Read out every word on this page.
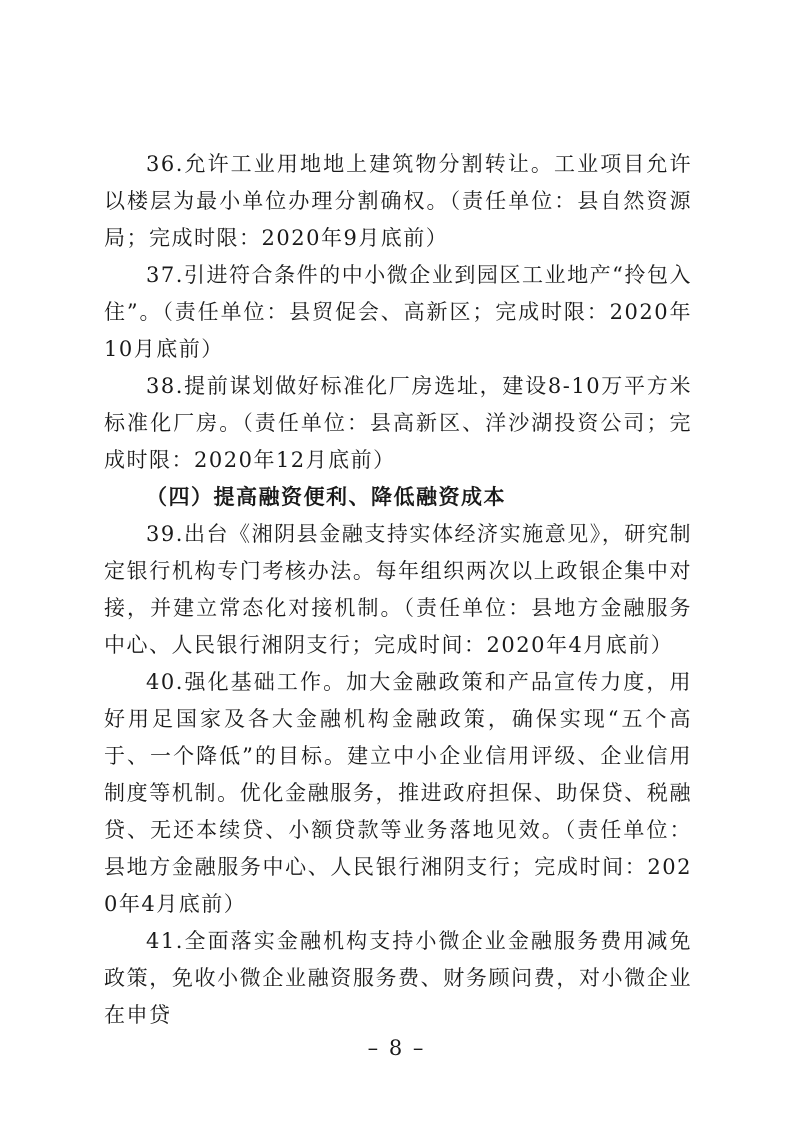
36.允许工业用地地上建筑物分割转让。工业项目允许以楼层为最小单位办理分割确权。（责任单位：县自然资源局；完成时限：2020年9月底前）

37.引进符合条件的中小微企业到园区工业地产“拎包入住”。（责任单位：县贸促会、高新区；完成时限：2020年10月底前）

38.提前谋划做好标准化厂房选址，建设8-10万平方米标准化厂房。（责任单位：县高新区、洋沙湖投资公司；完成时限：2020年12月底前）

（四）提高融资便利、降低融资成本

39.出台《湘阴县金融支持实体经济实施意见》，研究制定银行机构专门考核办法。每年组织两次以上政银企集中对接，并建立常态化对接机制。（责任单位：县地方金融服务中心、人民银行湘阴支行；完成时间：2020年4月底前）

40.强化基础工作。加大金融政策和产品宣传力度，用好用足国家及各大金融机构金融政策，确保实现“五个高于、一个降低”的目标。建立中小企业信用评级、企业信用制度等机制。优化金融服务，推进政府担保、助保贷、税融贷、无还本续贷、小额贷款等业务落地见效。（责任单位：县地方金融服务中心、人民银行湘阴支行；完成时间：2020年4月底前）

41.全面落实金融机构支持小微企业金融服务费用减免政策，免收小微企业融资服务费、财务顾问费，对小微企业在申贷

– 8 –
